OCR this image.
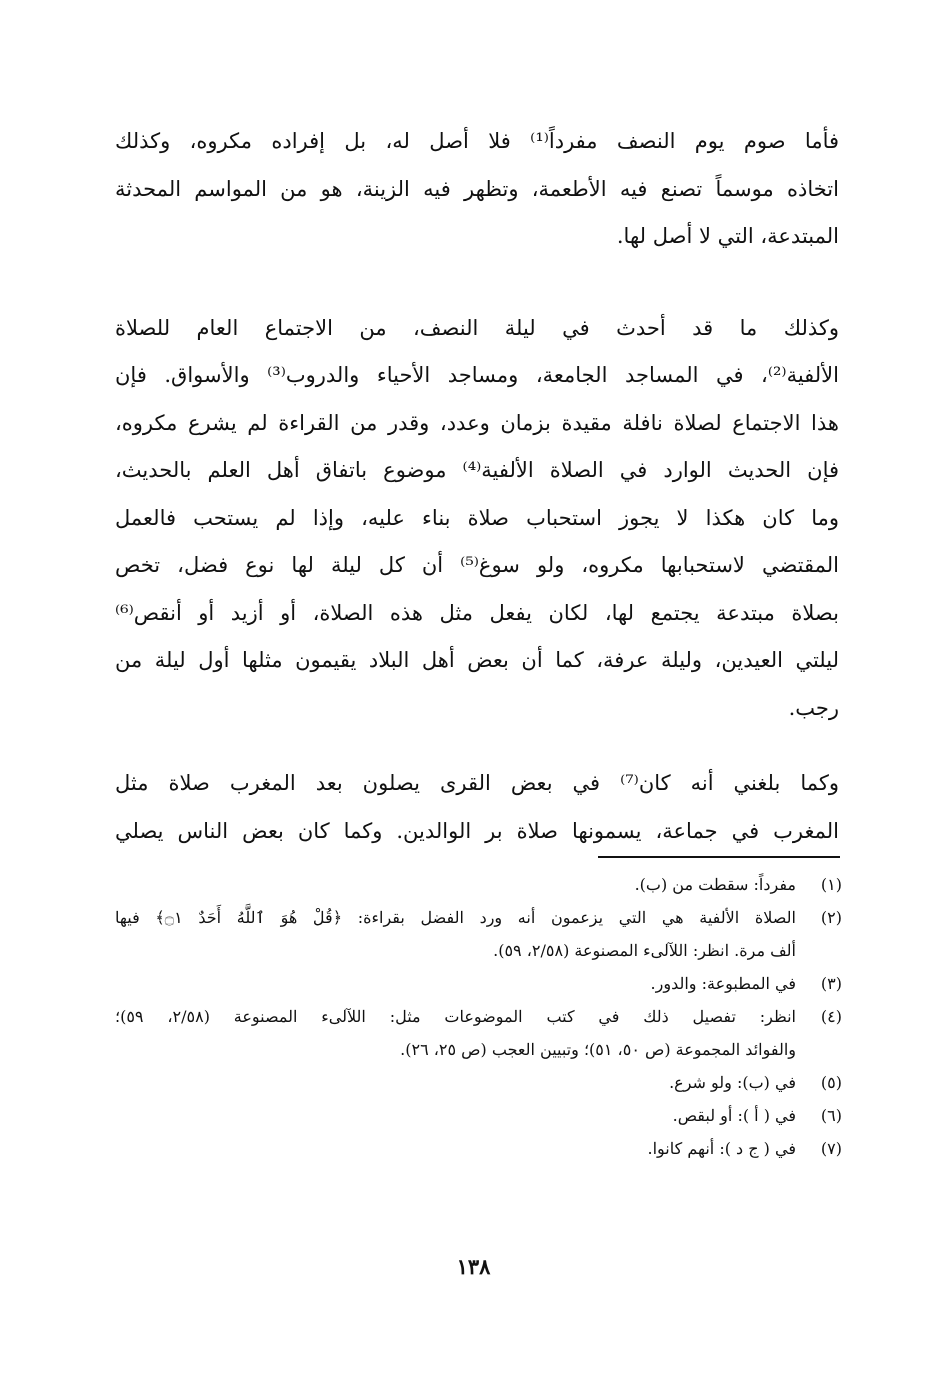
فأما صوم يوم النصف مفرداً⁽¹⁾ فلا أصل له، بل إفراده مكروه، وكذلك
اتخاذه موسماً تصنع فيه الأطعمة، وتظهر فيه الزينة، هو من المواسم المحدثة
المبتدعة، التي لا أصل لها.
وكذلك ما قد أحدث في ليلة النصف، من الاجتماع العام للصلاة
الألفية⁽²⁾، في المساجد الجامعة، ومساجد الأحياء والدروب⁽³⁾ والأسواق. فإن
هذا الاجتماع لصلاة نافلة مقيدة بزمان وعدد، وقدر من القراءة لم يشرع مكروه،
فإن الحديث الوارد في الصلاة الألفية⁽⁴⁾ موضوع باتفاق أهل العلم بالحديث،
وما كان هكذا لا يجوز استحباب صلاة بناء عليه، وإذا لم يستحب فالعمل
المقتضي لاستحبابها مكروه، ولو سوغ⁽⁵⁾ أن كل ليلة لها نوع فضل، تخص
بصلاة مبتدعة يجتمع لها، لكان يفعل مثل هذه الصلاة، أو أزيد أو أنقص⁽⁶⁾
ليلتي العيدين، وليلة عرفة، كما أن بعض أهل البلاد يقيمون مثلها أول ليلة من
رجب.
وكما بلغني أنه كان⁽⁷⁾ في بعض القرى يصلون بعد المغرب صلاة مثل
المغرب في جماعة، يسمونها صلاة بر الوالدين. وكما كان بعض الناس يصلي
(١)
مفرداً: سقطت من (ب).
(٢)
الصلاة الألفية هي التي يزعمون أنه ورد الفضل بقراءة: ﴿قُلْ هُوَ ٱللَّهُ أَحَدٌ ۝١﴾ فيها
ألف مرة. انظر: اللآلىء المصنوعة (٢/٥٨، ٥٩).
(٣)
في المطبوعة: والدور.
(٤)
انظر: تفصيل ذلك في كتب الموضوعات مثل: اللآلىء المصنوعة (٢/٥٨، ٥٩)؛
والفوائد المجموعة (ص ٥٠، ٥١)؛ وتبيين العجب (ص ٢٥، ٢٦).
(٥)
في (ب): ولو شرع.
(٦)
في ( أ ): أو لبقص.
(٧)
في ( ج د ): أنهم كانوا.
١٣٨
